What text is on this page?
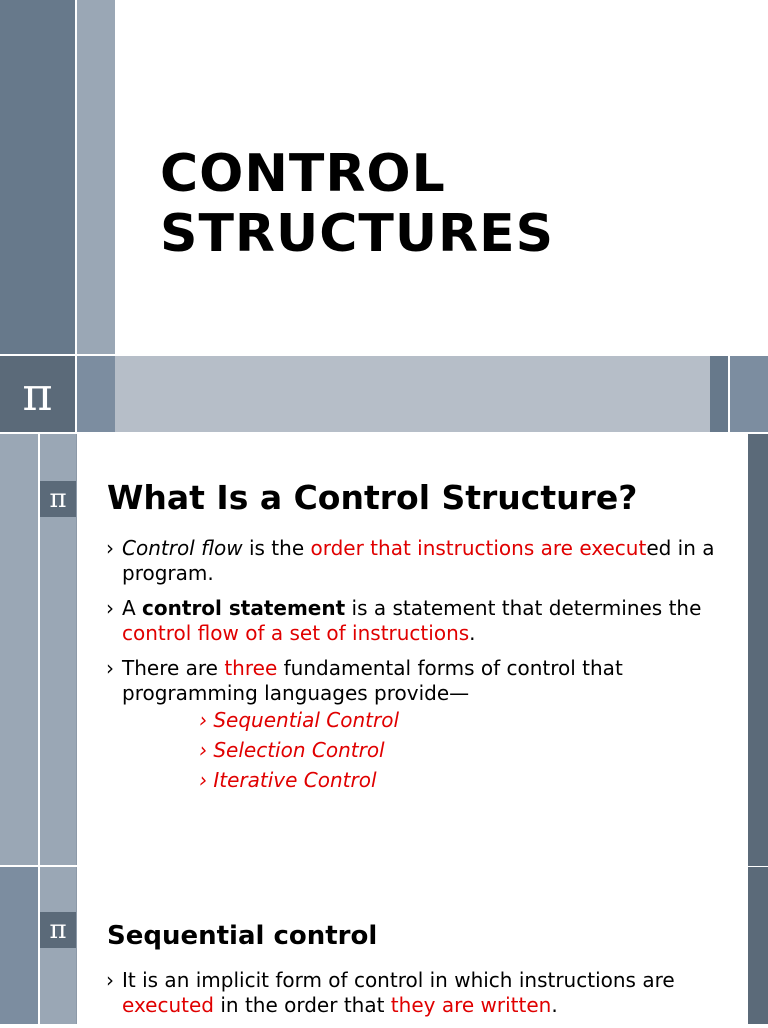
π
CONTROL
STRUCTURES
π What Is a Control Structure?
› Control flow is the order that instructions are executed in a program.
› A control statement is a statement that determines the control flow of a set of instructions.
› There are three fundamental forms of control that programming languages provide—
› Sequential Control
› Selection Control
› Iterative Control
π	Sequential control
› It is an implicit form of control in which instructions are executed in the order that they are written.
